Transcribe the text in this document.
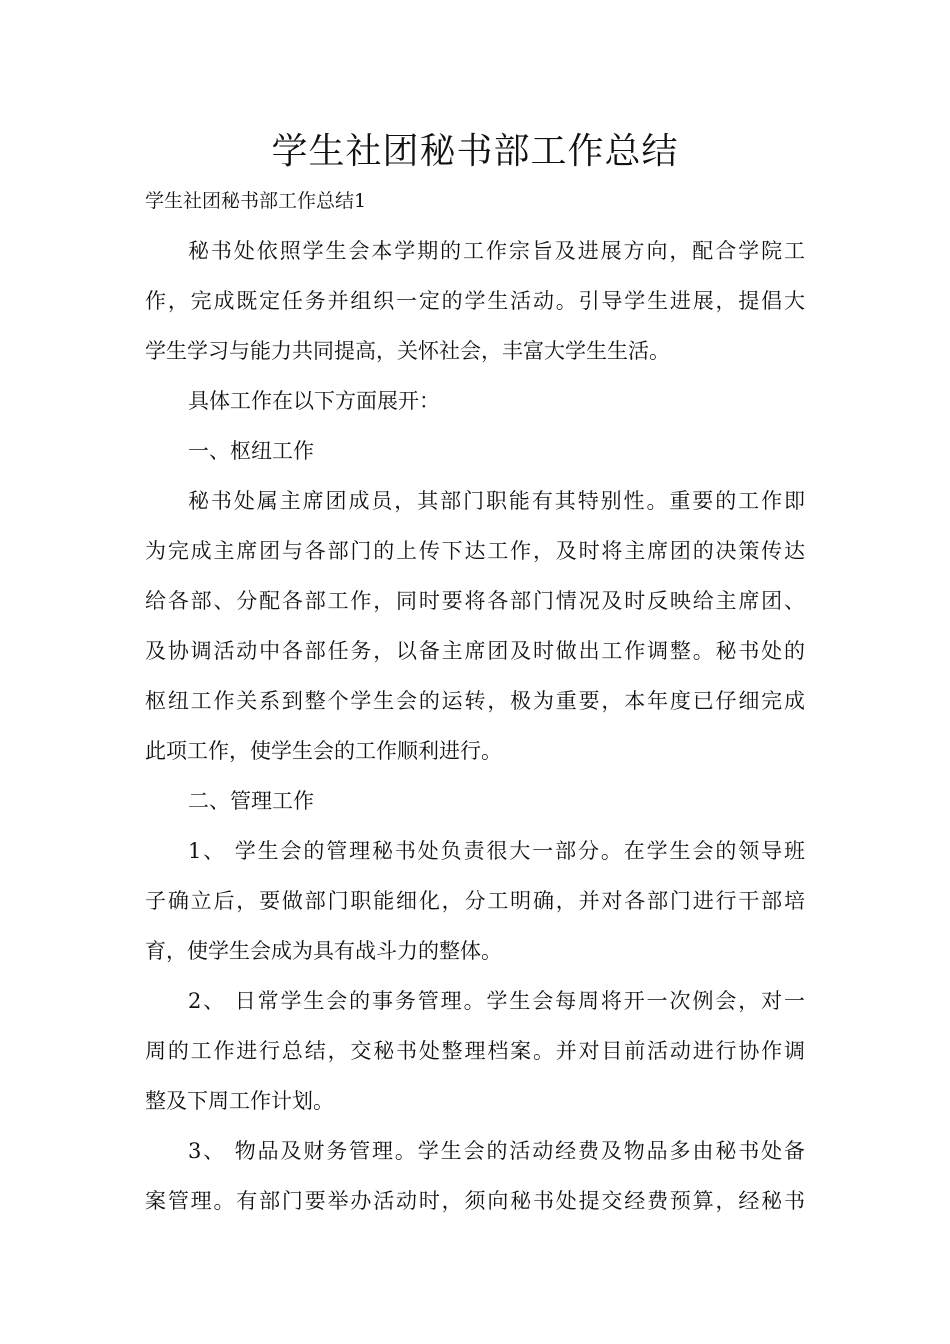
学生社团秘书部工作总结
学生社团秘书部工作总结1
秘书处依照学生会本学期的工作宗旨及进展方向，配合学院工
作，完成既定任务并组织一定的学生活动。引导学生进展，提倡大
学生学习与能力共同提高，关怀社会，丰富大学生生活。
具体工作在以下方面展开：
一、枢纽工作
秘书处属主席团成员，其部门职能有其特别性。重要的工作即
为完成主席团与各部门的上传下达工作，及时将主席团的决策传达
给各部、分配各部工作，同时要将各部门情况及时反映给主席团、
及协调活动中各部任务，以备主席团及时做出工作调整。秘书处的
枢纽工作关系到整个学生会的运转，极为重要，本年度已仔细完成
此项工作，使学生会的工作顺利进行。
二、管理工作
1、 学生会的管理秘书处负责很大一部分。在学生会的领导班
子确立后，要做部门职能细化，分工明确，并对各部门进行干部培
育，使学生会成为具有战斗力的整体。
2、 日常学生会的事务管理。学生会每周将开一次例会，对一
周的工作进行总结，交秘书处整理档案。并对目前活动进行协作调
整及下周工作计划。
3、 物品及财务管理。学生会的活动经费及物品多由秘书处备
案管理。有部门要举办活动时，须向秘书处提交经费预算，经秘书
